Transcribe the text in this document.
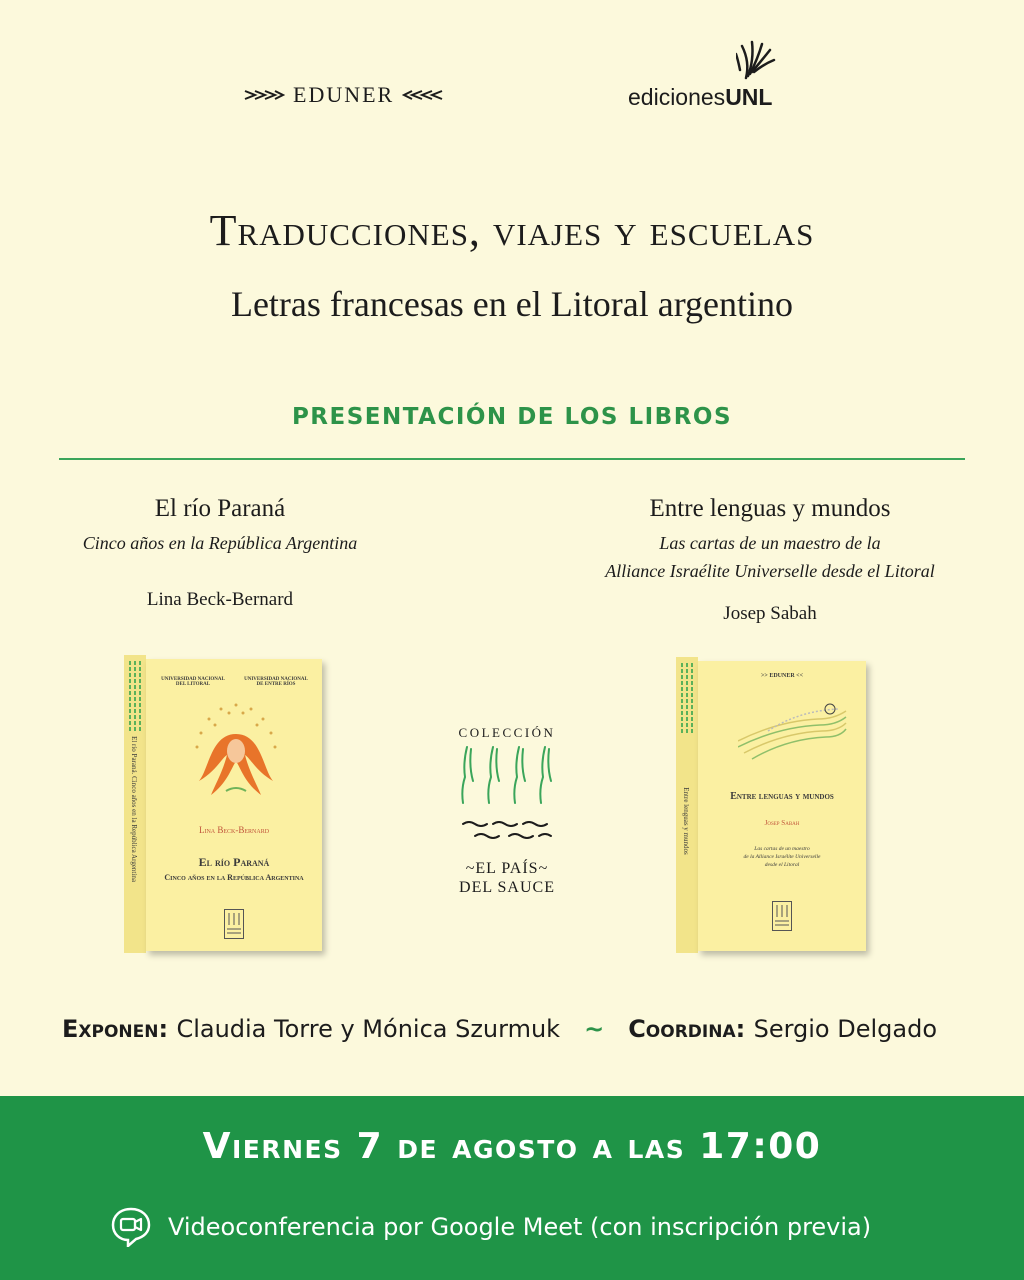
EDUNER	edicionesUNL
Traducciones, viajes y escuelas
Letras francesas en el Litoral argentino
PRESENTACIÓN DE LOS LIBROS
El río Paraná
Cinco años en la República Argentina
Lina Beck-Bernard
Entre lenguas y mundos
Las cartas de un maestro de la
Alliance Israélite Universelle desde el Litoral
Josep Sabah
El río Paraná. Cinco años en la República Argentina
UNIVERSIDAD NACIONAL DEL LITORAL
UNIVERSIDAD NACIONAL DE ENTRE RÍOS
Lina Beck-Bernard
El río Paraná
Cinco años en la República Argentina
COLECCIÓN

~EL PAÍS~
DEL SAUCE
Entre lenguas y mundos
>> EDUNER <<
Entre lenguas y mundos
Josep Sabah
Las cartas de un maestro
de la Alliance Israélite Universelle
desde el Litoral
Exponen : Claudia Torre y Mónica Szurmuk ~ Coordina : Sergio Delgado
Viernes 7 de agosto a las 17:00
Videoconferencia por Google Meet (con inscripción previa)
